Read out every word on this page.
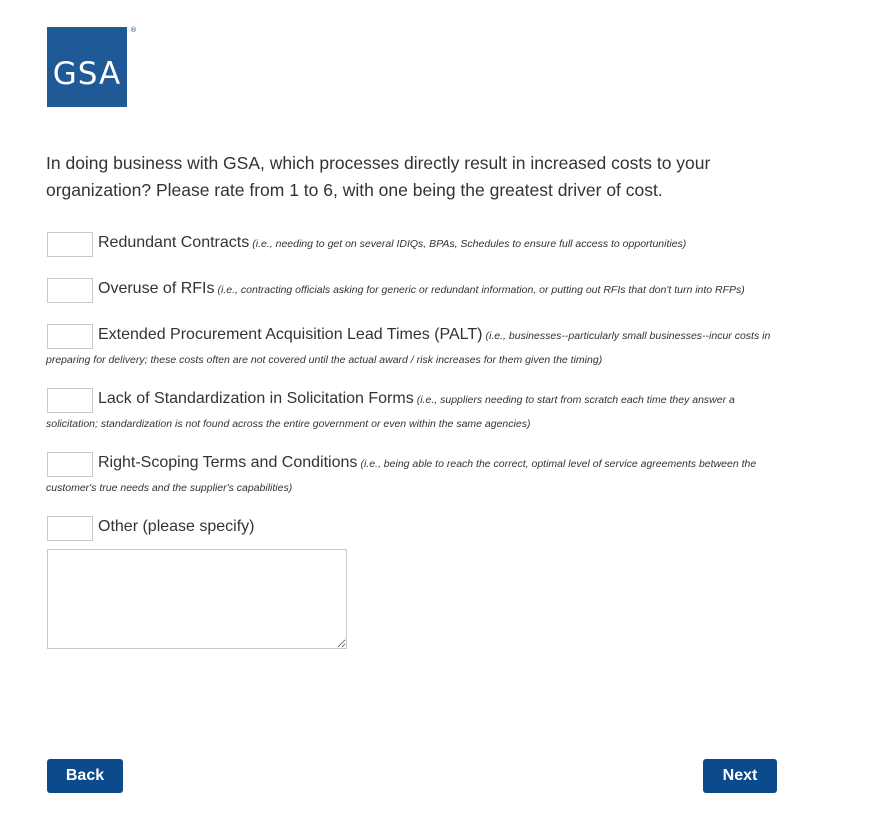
GSA
®
In doing business with GSA, which processes directly result in increased costs to your organization? Please rate from 1 to 6, with one being the greatest driver of cost.
Redundant Contracts (i.e., needing to get on several IDIQs, BPAs, Schedules to ensure full access to opportunities)
Overuse of RFIs (i.e., contracting officials asking for generic or redundant information, or putting out RFIs that don't turn into RFPs)
Extended Procurement Acquisition Lead Times (PALT) (i.e., businesses--particularly small businesses--incur costs in preparing for delivery; these costs often are not covered until the actual award / risk increases for them given the timing)
Lack of Standardization in Solicitation Forms (i.e., suppliers needing to start from scratch each time they answer a solicitation; standardization is not found across the entire government or even within the same agencies)
Right-Scoping Terms and Conditions (i.e., being able to reach the correct, optimal level of service agreements between the customer's true needs and the supplier's capabilities)
Other (please specify)
Back	Next
